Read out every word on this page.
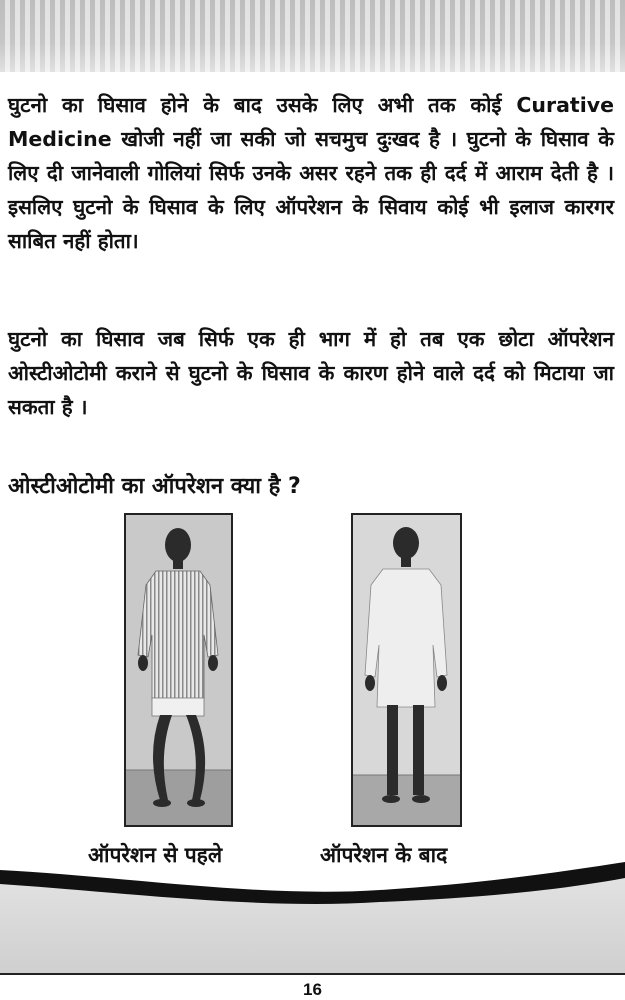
घुटनो का घिसाव होने के बाद उसके लिए अभी तक कोई Curative Medicine खोजी नहीं जा सकी जो सचमुच दुःखद है । घुटनो के घिसाव के लिए दी जानेवाली गोलियां सिर्फ उनके असर रहने तक ही दर्द में आराम देती है । इसलिए घुटनो के घिसाव के लिए ऑपरेशन के सिवाय कोई भी इलाज कारगर साबित नहीं होता।

घुटनो का घिसाव जब सिर्फ एक ही भाग में हो तब एक छोटा ऑपरेशन ओस्टीओटोमी कराने से घुटनो के घिसाव के कारण होने वाले दर्द को मिटाया जा सकता है ।

ओस्टीओटोमी का ऑपरेशन क्या है ?
ऑपरेशन से पहले	ऑपरेशन के बाद
16
